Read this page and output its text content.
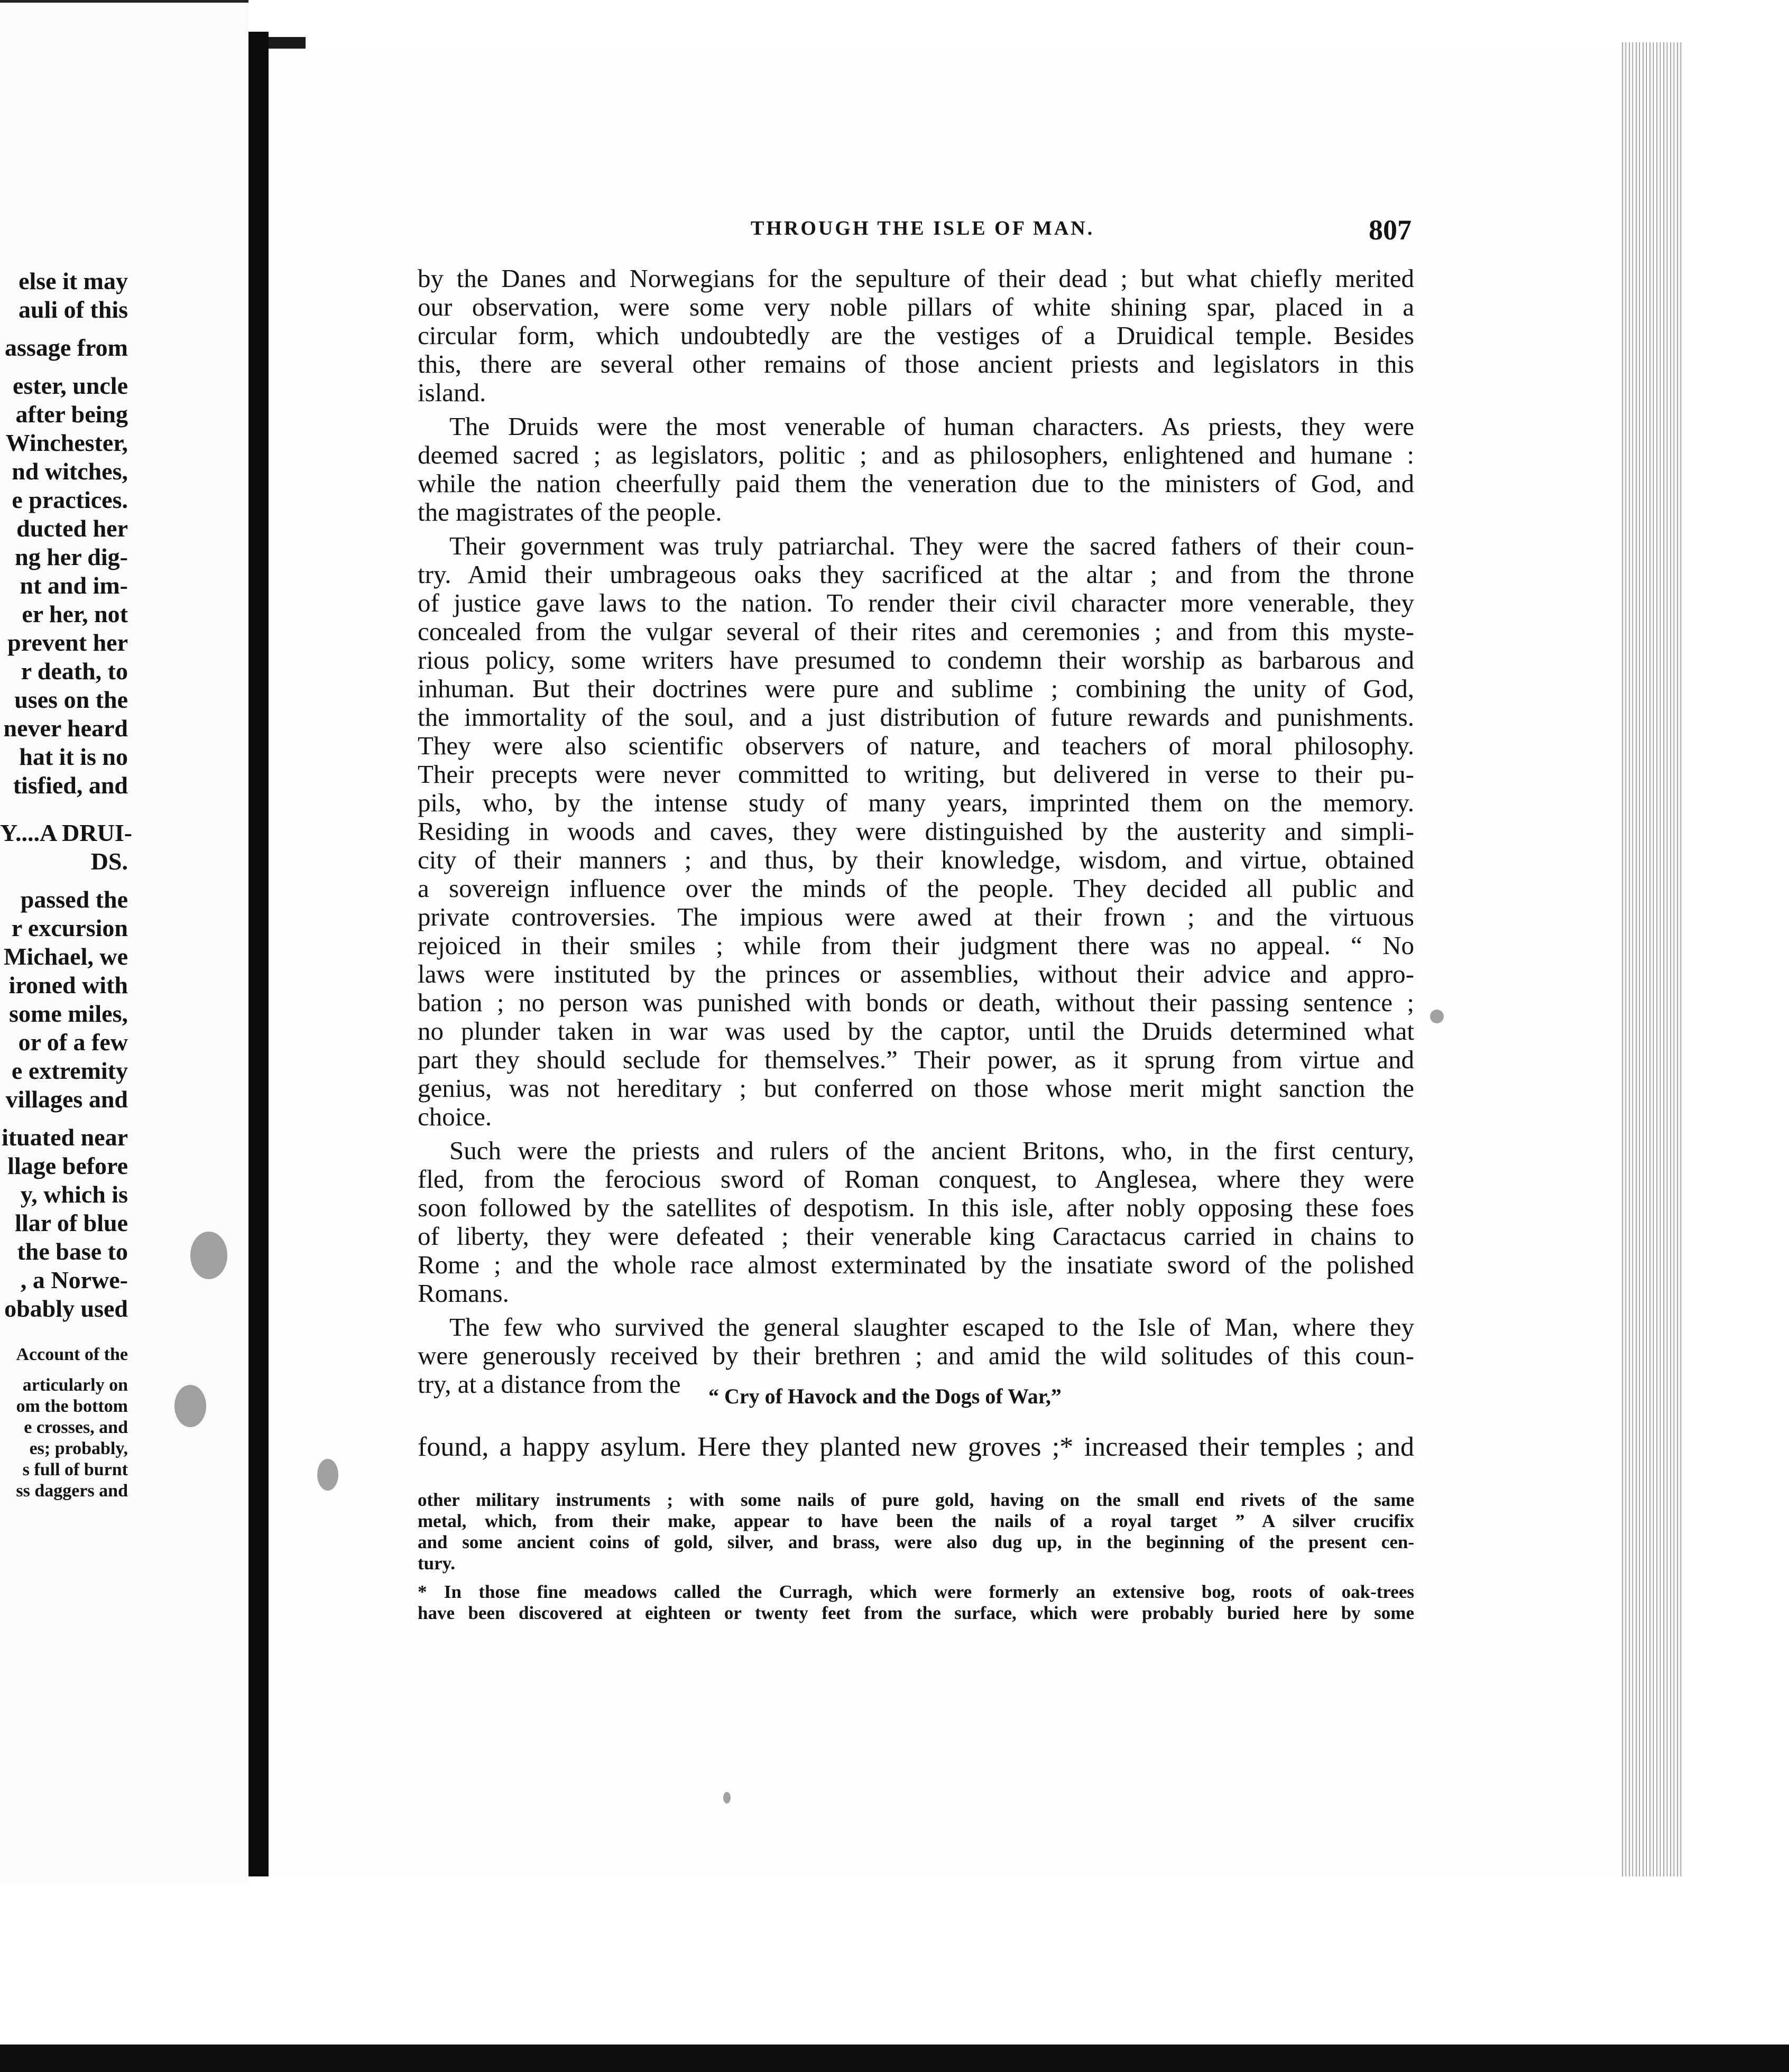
else it may
auli of this
assage from
ester, uncle
after being
Winchester,
nd witches,
e practices.
ducted her
ng her dig-
nt and im-
er her, not
prevent her
r death, to
uses on the
never heard
hat it is no
tisfied, and
Y....A DRUI-
DS.
passed the
r excursion
Michael, we
ironed with
some miles,
or of a few
e extremity
villages and
ituated near
llage before
y, which is
llar of blue
the base to
, a Norwe-
obably used
Account of the
articularly on
om the bottom
e crosses, and
es; probably,
s full of burnt
ss daggers and
THROUGH THE ISLE OF MAN.	807
by the Danes and Norwegians for the sepulture of their dead ; but what chiefly merited
our observation, were some very noble pillars of white shining spar, placed in a
circular form, which undoubtedly are the vestiges of a Druidical temple. Besides
this, there are several other remains of those ancient priests and legislators in this
island.
The Druids were the most venerable of human characters. As priests, they were
deemed sacred ; as legislators, politic ; and as philosophers, enlightened and humane :
while the nation cheerfully paid them the veneration due to the ministers of God, and
the magistrates of the people.
Their government was truly patriarchal. They were the sacred fathers of their coun-
try. Amid their umbrageous oaks they sacrificed at the altar ; and from the throne
of justice gave laws to the nation. To render their civil character more venerable, they
concealed from the vulgar several of their rites and ceremonies ; and from this myste-
rious policy, some writers have presumed to condemn their worship as barbarous and
inhuman. But their doctrines were pure and sublime ; combining the unity of God,
the immortality of the soul, and a just distribution of future rewards and punishments.
They were also scientific observers of nature, and teachers of moral philosophy.
Their precepts were never committed to writing, but delivered in verse to their pu-
pils, who, by the intense study of many years, imprinted them on the memory.
Residing in woods and caves, they were distinguished by the austerity and simpli-
city of their manners ; and thus, by their knowledge, wisdom, and virtue, obtained
a sovereign influence over the minds of the people. They decided all public and
private controversies. The impious were awed at their frown ; and the virtuous
rejoiced in their smiles ; while from their judgment there was no appeal. “ No
laws were instituted by the princes or assemblies, without their advice and appro-
bation ; no person was punished with bonds or death, without their passing sentence ;
no plunder taken in war was used by the captor, until the Druids determined what
part they should seclude for themselves.” Their power, as it sprung from virtue and
genius, was not hereditary ; but conferred on those whose merit might sanction the
choice.
Such were the priests and rulers of the ancient Britons, who, in the first century,
fled, from the ferocious sword of Roman conquest, to Anglesea, where they were
soon followed by the satellites of despotism. In this isle, after nobly opposing these foes
of liberty, they were defeated ; their venerable king Caractacus carried in chains to
Rome ; and the whole race almost exterminated by the insatiate sword of the polished
Romans.
The few who survived the general slaughter escaped to the Isle of Man, where they
were generously received by their brethren ; and amid the wild solitudes of this coun-
try, at a distance from the	“ Cry of Havock and the Dogs of War,”
found, a happy asylum. Here they planted new groves ;* increased their temples ; and
other military instruments ; with some nails of pure gold, having on the small end rivets of the same
metal, which, from their make, appear to have been the nails of a royal target ” A silver crucifix
and some ancient coins of gold, silver, and brass, were also dug up, in the beginning of the present cen-
tury.
* In those fine meadows called the Curragh, which were formerly an extensive bog, roots of oak-trees
have been discovered at eighteen or twenty feet from the surface, which were probably buried here by some
